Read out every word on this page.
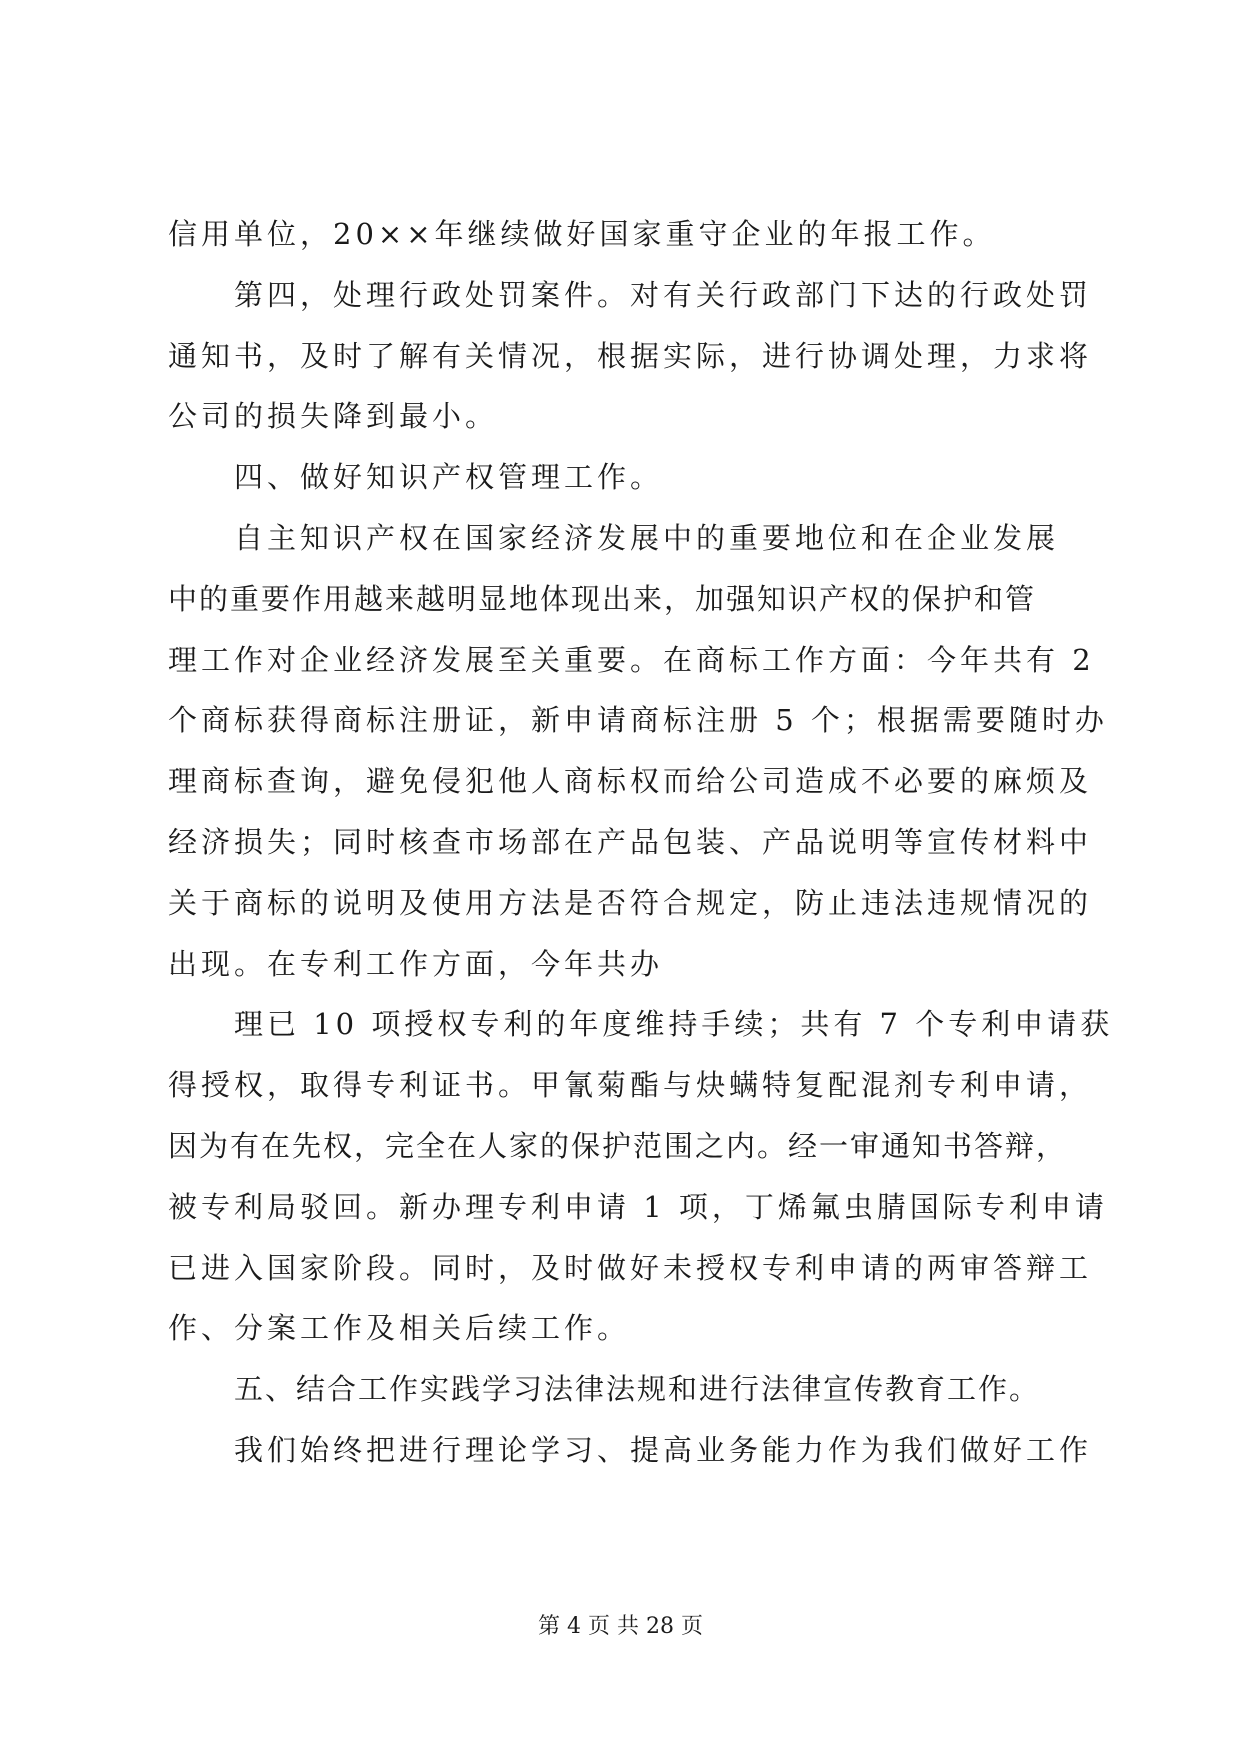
信用单位，20××年继续做好国家重守企业的年报工作。
第四，处理行政处罚案件。对有关行政部门下达的行政处罚
通知书，及时了解有关情况，根据实际，进行协调处理，力求将
公司的损失降到最小。
四、做好知识产权管理工作。
自主知识产权在国家经济发展中的重要地位和在企业发展
中的重要作用越来越明显地体现出来，加强知识产权的保护和管
理工作对企业经济发展至关重要。在商标工作方面：今年共有 2
个商标获得商标注册证，新申请商标注册 5 个；根据需要随时办
理商标查询，避免侵犯他人商标权而给公司造成不必要的麻烦及
经济损失；同时核查市场部在产品包装、产品说明等宣传材料中
关于商标的说明及使用方法是否符合规定，防止违法违规情况的
出现。在专利工作方面，今年共办
理已 10 项授权专利的年度维持手续；共有 7 个专利申请获
得授权，取得专利证书。甲氰菊酯与炔螨特复配混剂专利申请，
因为有在先权，完全在人家的保护范围之内。经一审通知书答辩，
被专利局驳回。新办理专利申请 1 项，丁烯氟虫腈国际专利申请
已进入国家阶段。同时，及时做好未授权专利申请的两审答辩工
作、分案工作及相关后续工作。
五、结合工作实践学习法律法规和进行法律宣传教育工作。
我们始终把进行理论学习、提高业务能力作为我们做好工作
第 4 页 共 28 页
